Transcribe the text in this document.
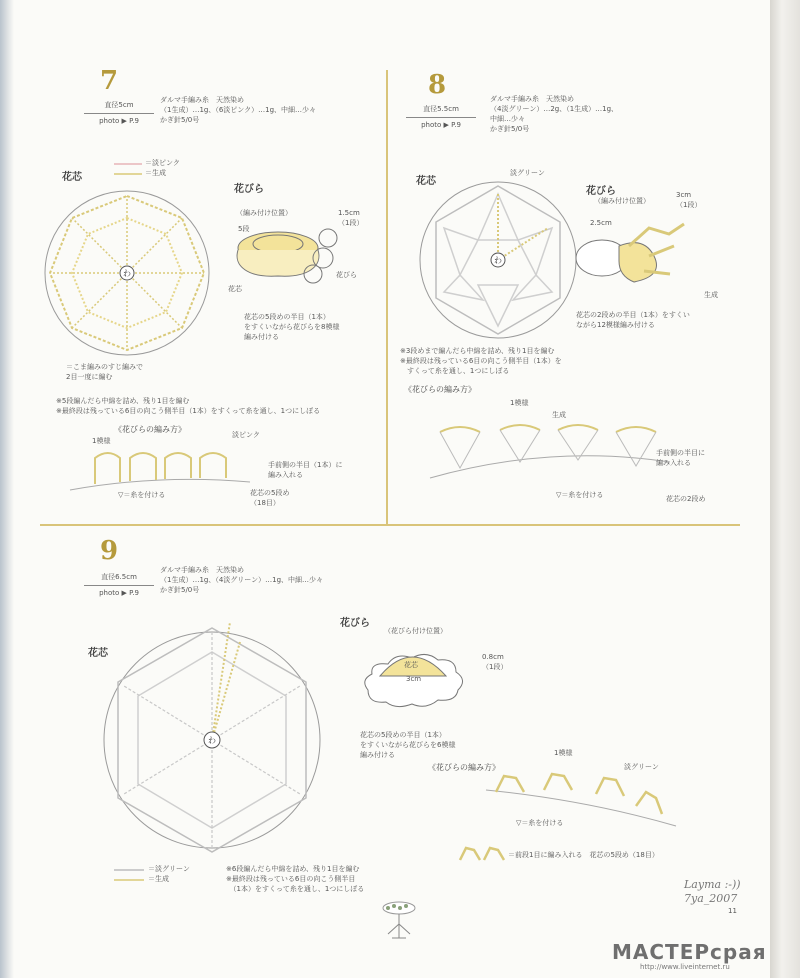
7
直径5cm
photo ▶ P.9
ダルマ手編み糸　天然染め
（1生成）…1g、（6淡ピンク）…1g、中細…少々
かぎ針5/0号
花芯
＝淡ピンク
＝生成
わ
花びら
（編み付け位置）
5段
1.5cm
（1段）
花芯
花びら
花芯の5段めの半目（1本）
をすくいながら花びらを8模様
編み付ける
＝こま編みのすじ編みで
2目一度に編む
※5段編んだら中綿を詰め、残り1目を編む
※最終段は残っている6目の向こう側半目（1本）をすくって糸を通し、1つにしぼる
《花びらの編み方》
1模様
淡ピンク
手前側の半目（1本）に
編み入れる
▽＝糸を付ける	花芯の5段め
（18目）
8
直径5.5cm
photo ▶ P.9
ダルマ手編み糸　天然染め
（4淡グリーン）…2g、（1生成）…1g、
中細…少々
かぎ針5/0号
花芯
淡グリーン
わ
花びら
（編み付け位置）
3cm
（1段）
2.5cm
生成
花芯の2段めの半目（1本）をすくい
ながら12模様編み付ける
※3段めまで編んだら中綿を詰め、残り1目を編む
※最終段は残っている6目の向こう側半目（1本）を
　すくって糸を通し、1つにしぼる
《花びらの編み方》
1模様
生成
手前側の半目に
編み入れる
▽＝糸を付ける	花芯の2段め
9
直径6.5cm
photo ▶ P.9
ダルマ手編み糸　天然染め
（1生成）…1g、（4淡グリーン）…1g、中細…少々
かぎ針5/0号
花芯
わ
花びら
（花びら付け位置）
花芯
3cm
0.8cm
（1段）
花芯の5段めの半目（1本）
をすくいながら花びらを6模様
編み付ける
《花びらの編み方》
1模様
淡グリーン
▽＝糸を付ける
＝前段1目に編み入れる　花芯の5段め（18目）
＝淡グリーン
＝生成
※6段編んだら中綿を詰め、残り1目を編む
※最終段は残っている6目の向こう側半目
　（1本）をすくって糸を通し、1つにしぼる	Layma :-))
7ya_2007
11
МАСТЕРсрая
http://www.liveinternet.ru
